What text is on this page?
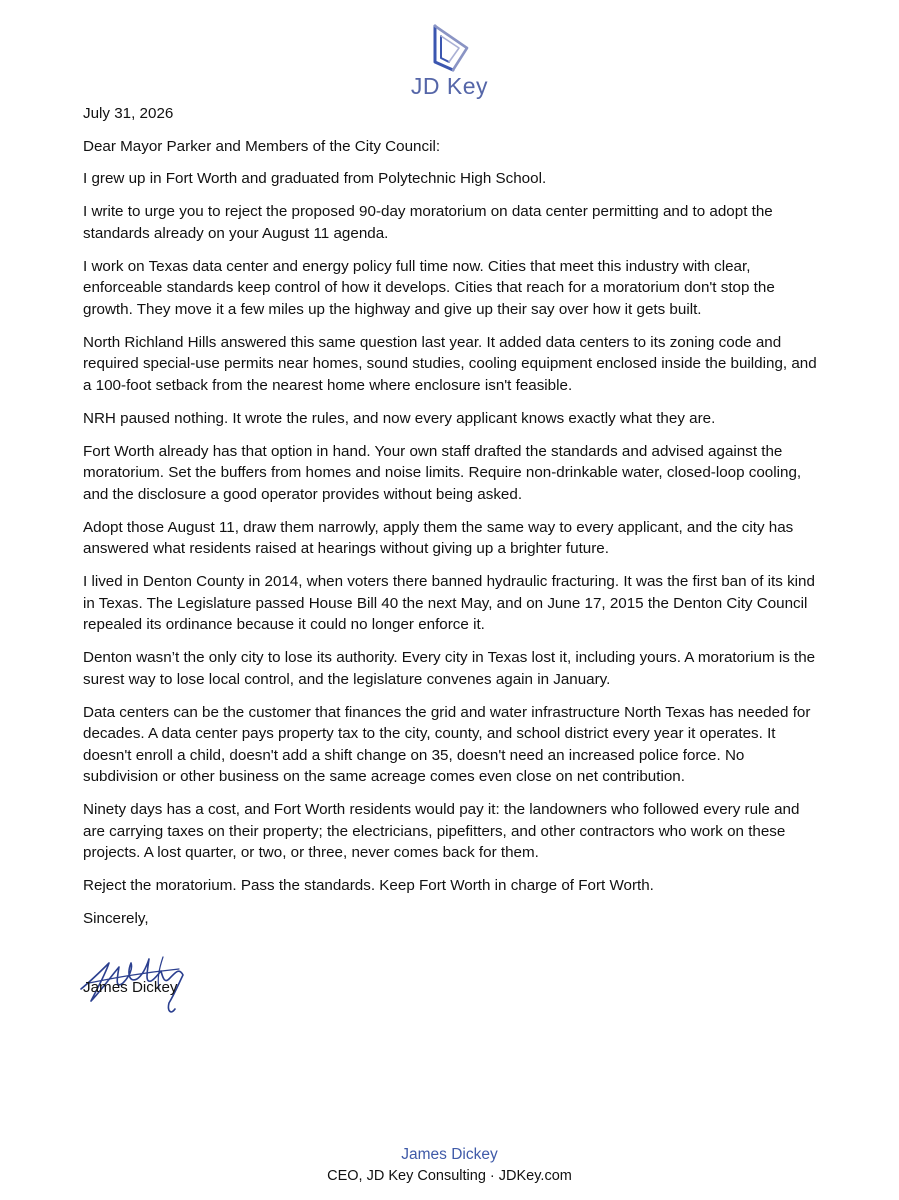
JD Key

July 31, 2026

Dear Mayor Parker and Members of the City Council:

I grew up in Fort Worth and graduated from Polytechnic High School.

I write to urge you to reject the proposed 90-day moratorium on data center permitting and to adopt the standards already on your August 11 agenda.

I work on Texas data center and energy policy full time now. Cities that meet this industry with clear, enforceable standards keep control of how it develops. Cities that reach for a moratorium don't stop the growth. They move it a few miles up the highway and give up their say over how it gets built.

North Richland Hills answered this same question last year. It added data centers to its zoning code and required special-use permits near homes, sound studies, cooling equipment enclosed inside the building, and a 100-foot setback from the nearest home where enclosure isn't feasible.

NRH paused nothing. It wrote the rules, and now every applicant knows exactly what they are.

Fort Worth already has that option in hand. Your own staff drafted the standards and advised against the moratorium. Set the buffers from homes and noise limits. Require non-drinkable water, closed-loop cooling, and the disclosure a good operator provides without being asked.

Adopt those August 11, draw them narrowly, apply them the same way to every applicant, and the city has answered what residents raised at hearings without giving up a brighter future.

I lived in Denton County in 2014, when voters there banned hydraulic fracturing. It was the first ban of its kind in Texas. The Legislature passed House Bill 40 the next May, and on June 17, 2015 the Denton City Council repealed its ordinance because it could no longer enforce it.

Denton wasn’t the only city to lose its authority. Every city in Texas lost it, including yours. A moratorium is the surest way to lose local control, and the legislature convenes again in January.

Data centers can be the customer that finances the grid and water infrastructure North Texas has needed for decades. A data center pays property tax to the city, county, and school district every year it operates. It doesn't enroll a child, doesn't add a shift change on 35, doesn't need an increased police force. No subdivision or other business on the same acreage comes even close on net contribution.

Ninety days has a cost, and Fort Worth residents would pay it: the landowners who followed every rule and are carrying taxes on their property; the electricians, pipefitters, and other contractors who work on these projects. A lost quarter, or two, or three, never comes back for them.

Reject the moratorium. Pass the standards. Keep Fort Worth in charge of Fort Worth.

Sincerely,

James Dickey
James Dickey
CEO, JD Key Consulting · JDKey.com
